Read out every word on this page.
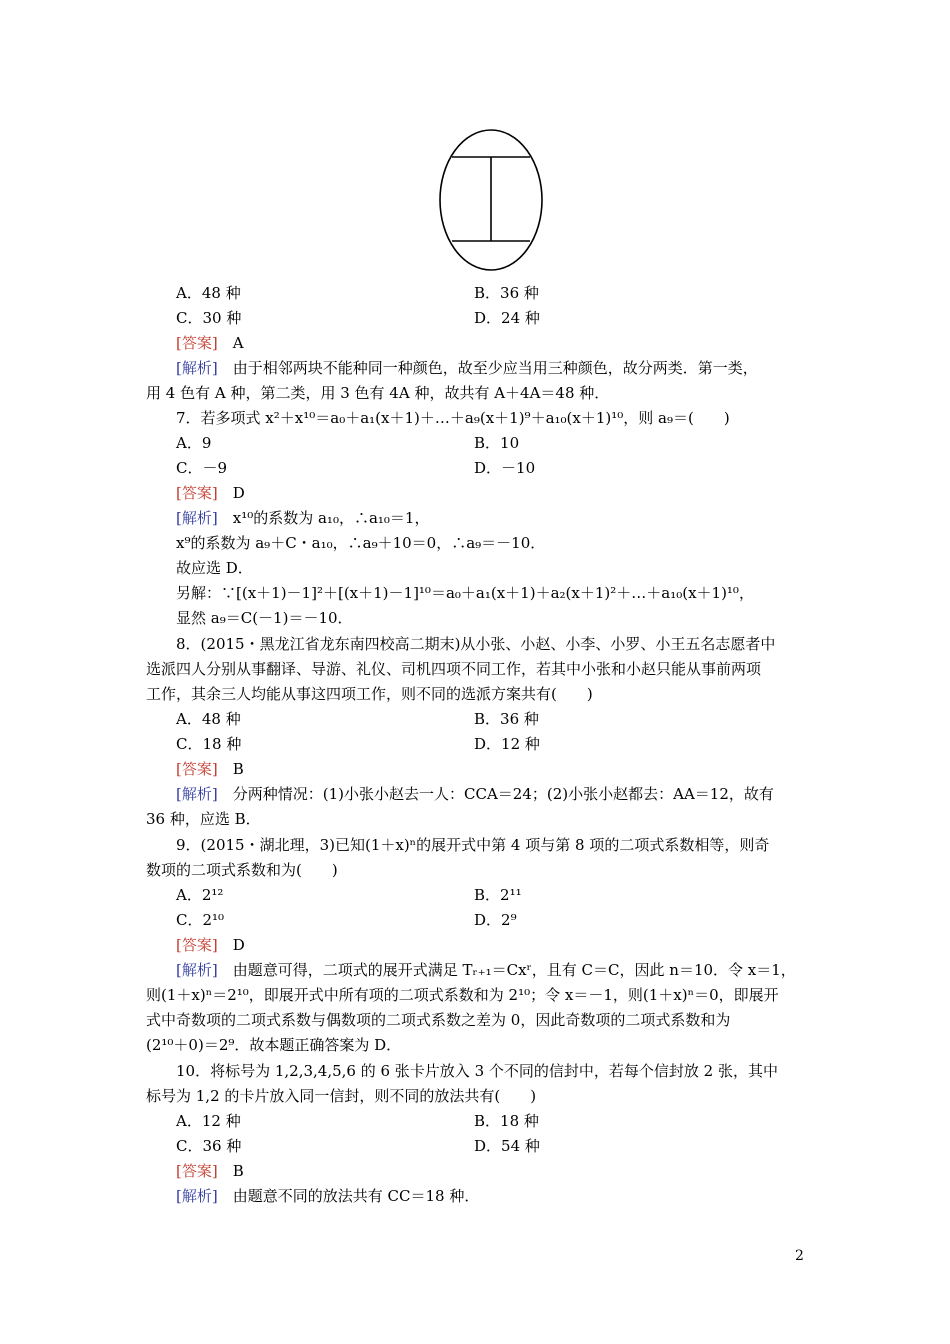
A．48 种	B．36 种
C．30 种	D．24 种
[答案]　 A
[解析]　 由于相邻两块不能种同一种颜色，故至少应当用三种颜色，故分两类．第一类，
用 4 色有 A 种，第二类，用 3 色有 4A 种，故共有 A＋4A＝48 种．
7．若多项式 x²＋x¹⁰＝a₀＋a₁(x＋1)＋…＋a₉(x＋1)⁹＋a₁₀(x＋1)¹⁰，则 a₉＝(　　)
A．9	B．10
C．－9	D．－10
[答案]　 D
[解析]　 x¹⁰的系数为 a₁₀，∴a₁₀＝1，
x⁹的系数为 a₉＋C・a₁₀，∴a₉＋10＝0，∴a₉＝－10．
故应选 D．
另解：∵[(x＋1)－1]²＋[(x＋1)－1]¹⁰＝a₀＋a₁(x＋1)＋a₂(x＋1)²＋…＋a₁₀(x＋1)¹⁰，
显然 a₉＝C(－1)＝－10．
8．(2015・黑龙江省龙东南四校高二期末)从小张、小赵、小李、小罗、小王五名志愿者中
选派四人分别从事翻译、导游、礼仪、司机四项不同工作，若其中小张和小赵只能从事前两项
工作，其余三人均能从事这四项工作，则不同的选派方案共有(　　)
A．48 种	B．36 种
C．18 种	D．12 种
[答案]　 B
[解析]　 分两种情况：(1)小张小赵去一人：CCA＝24；(2)小张小赵都去：AA＝12，故有
36 种，应选 B．
9．(2015・湖北理，3)已知(1＋x)ⁿ的展开式中第 4 项与第 8 项的二项式系数相等，则奇
数项的二项式系数和为(　　)
A．2¹²	B．2¹¹
C．2¹⁰	D．2⁹
[答案]　 D
[解析]　 由题意可得，二项式的展开式满足 Tᵣ₊₁＝Cxʳ，且有 C＝C，因此 n＝10．令 x＝1，
则(1＋x)ⁿ＝2¹⁰，即展开式中所有项的二项式系数和为 2¹⁰；令 x＝－1，则(1＋x)ⁿ＝0，即展开
式中奇数项的二项式系数与偶数项的二项式系数之差为 0，因此奇数项的二项式系数和为
(2¹⁰＋0)＝2⁹．故本题正确答案为 D．
10．将标号为 1,2,3,4,5,6 的 6 张卡片放入 3 个不同的信封中，若每个信封放 2 张，其中
标号为 1,2 的卡片放入同一信封，则不同的放法共有(　　)
A．12 种	B．18 种
C．36 种	D．54 种
[答案]　 B
[解析]　 由题意不同的放法共有 CC＝18 种．
2
